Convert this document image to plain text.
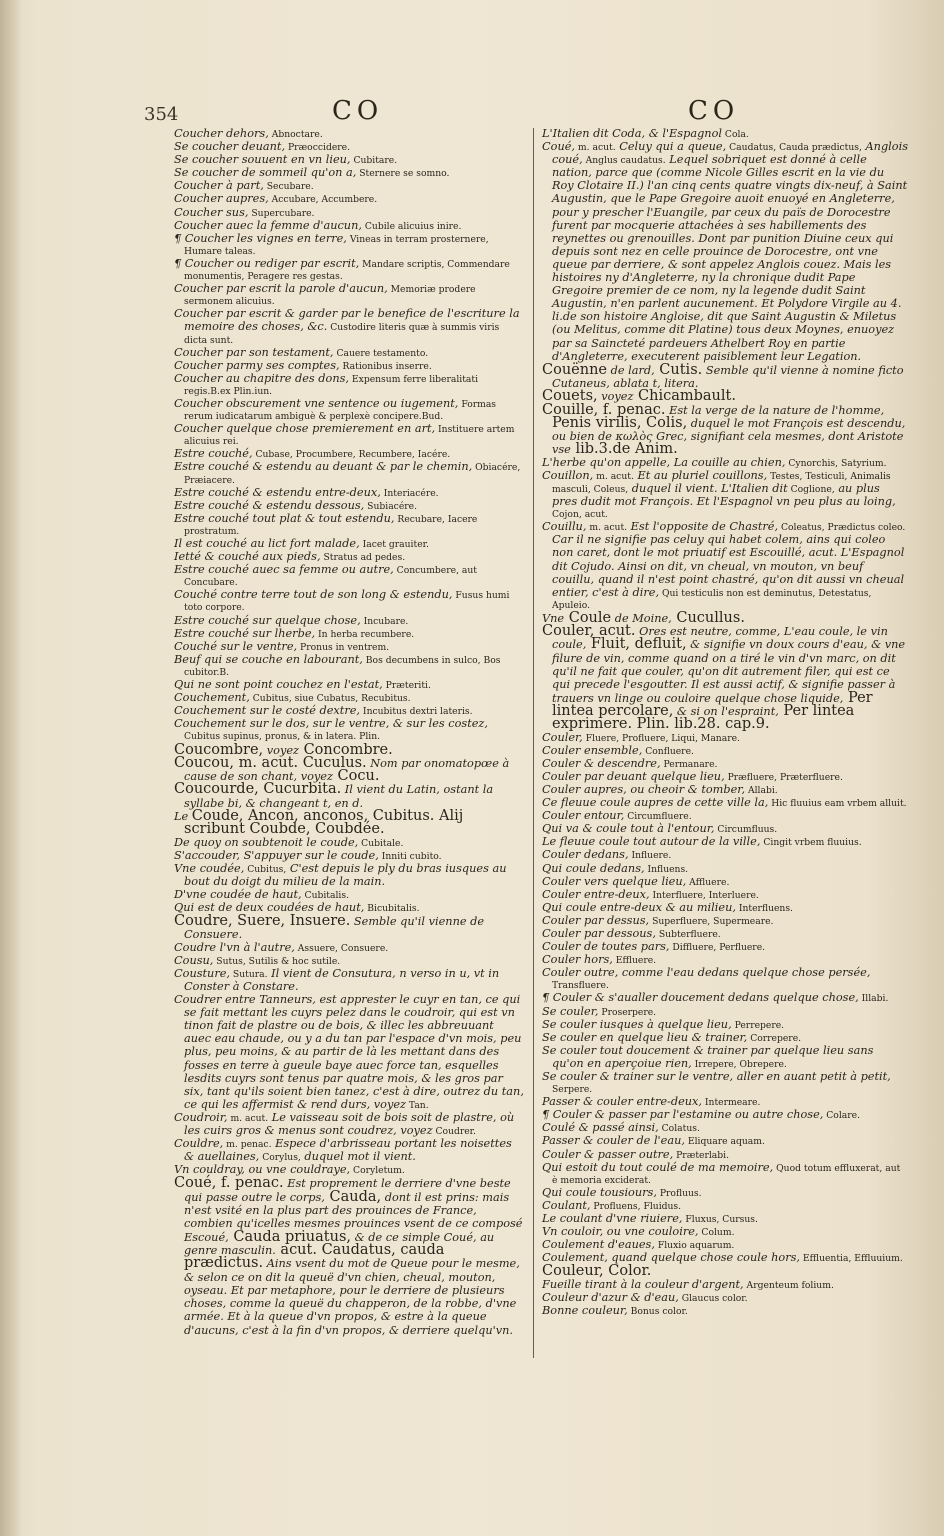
354	CO	CO

Coucher dehors, Abnoctare.

Se coucher deuant, Præoccidere.

Se coucher souuent en vn lieu, Cubitare.

Se coucher de sommeil qu'on a, Sternere se somno.

Coucher à part, Secubare.

Coucher aupres, Accubare, Accumbere.

Coucher sus, Supercubare.

Coucher auec la femme d'aucun, Cubile alicuius inire.

¶ Coucher les vignes en terre, Vineas in terram prosternere, Humare taleas.

¶ Coucher ou rediger par escrit, Mandare scriptis, Commendare monumentis, Peragere res gestas.

Coucher par escrit la parole d'aucun, Memoriæ prodere sermonem alicuius.

Coucher par escrit & garder par le benefice de l'escriture la memoire des choses, &c. Custodire literis quæ à summis viris dicta sunt.

Coucher par son testament, Cauere testamento.

Coucher parmy ses comptes, Rationibus inserre.

Coucher au chapitre des dons, Expensum ferre liberalitati regis.B.ex Plin.iun.

Coucher obscurement vne sentence ou iugement, Formas rerum iudicatarum ambiguè & perplexè concipere.Bud.

Coucher quelque chose premierement en art, Instituere artem alicuius rei.

Estre couché, Cubase, Procumbere, Recumbere, Iacére.

Estre couché & estendu au deuant & par le chemin, Obiacére, Præiacere.

Estre couché & estendu entre-deux, Interiacére.

Estre couché & estendu dessous, Subiacére.

Estre couché tout plat & tout estendu, Recubare, Iacere prostratum.

Il est couché au lict fort malade, Iacet grauiter.

Ietté & couché aux pieds, Stratus ad pedes.

Estre couché auec sa femme ou autre, Concumbere, aut Concubare.

Couché contre terre tout de son long & estendu, Fusus humi toto corpore.

Estre couché sur quelque chose, Incubare.

Estre couché sur lherbe, In herba recumbere.

Couché sur le ventre, Pronus in ventrem.

Beuf qui se couche en labourant, Bos decumbens in sulco, Bos cubitor.B.

Qui ne sont point couchez en l'estat, Præteriti.

Couchement, Cubitus, siue Cubatus, Recubitus.

Couchement sur le costé dextre, Incubitus dextri lateris.

Couchement sur le dos, sur le ventre, & sur les costez, Cubitus supinus, pronus, & in latera. Plin.

Coucombre, voyez Concombre.

Coucou, m. acut. Cuculus. Nom par onomatopœe à cause de son chant, voyez Cocu.

Coucourde, Cucurbita. Il vient du Latin, ostant la syllabe bi, & changeant t, en d.

Le Coude, Ancon, anconos, Cubitus. Alij scribunt Coubde, Coubdée.

De quoy on soubtenoit le coude, Cubitale.

S'accouder, S'appuyer sur le coude, Inniti cubito.

Vne coudée, Cubitus, C'est depuis le ply du bras iusques au bout du doigt du milieu de la main.

D'vne coudée de haut, Cubitalis.

Qui est de deux coudées de haut, Bicubitalis.

Coudre, Suere, Insuere. Semble qu'il vienne de Consuere.

Coudre l'vn à l'autre, Assuere, Consuere.

Cousu, Sutus, Sutilis & hoc sutile.

Cousture, Sutura. Il vient de Consutura, n verso in u, vt in Conster à Constare.

Coudrer entre Tanneurs, est apprester le cuyr en tan, ce qui se fait mettant les cuyrs pelez dans le coudroir, qui est vn tinon fait de plastre ou de bois, & illec les abbreuuant auec eau chaude, ou y a du tan par l'espace d'vn mois, peu plus, peu moins, & au partir de là les mettant dans des fosses en terre à gueule baye auec force tan, esquelles lesdits cuyrs sont tenus par quatre mois, & les gros par six, tant qu'ils soient bien tanez, c'est à dire, outrez du tan, ce qui les affermist & rend durs, voyez Tan.

Coudroir, m. acut. Le vaisseau soit de bois soit de plastre, où les cuirs gros & menus sont coudrez, voyez Coudrer.

Couldre, m. penac. Espece d'arbrisseau portant les noisettes & auellaines, Corylus, duquel mot il vient.

Vn couldray, ou vne couldraye, Coryletum.

Coué, f. penac. Est proprement le derriere d'vne beste qui passe outre le corps, Cauda, dont il est prins: mais n'est vsité en la plus part des prouinces de France, combien qu'icelles mesmes prouinces vsent de ce composé Escoué, Cauda priuatus, & de ce simple Coué, au genre masculin. acut. Caudatus, cauda prædictus. Ains vsent du mot de Queue pour le mesme, & selon ce on dit la queuë d'vn chien, cheual, mouton, oyseau. Et par metaphore, pour le derriere de plusieurs choses, comme la queuë du chapperon, de la robbe, d'vne armée. Et à la queue d'vn propos, & estre à la queue d'aucuns, c'est à la fin d'vn propos, & derriere quelqu'vn.

L'Italien dit Coda, & l'Espagnol Cola.

Coué, m. acut. Celuy qui a queue, Caudatus, Cauda prædictus, Anglois coué, Anglus caudatus. Lequel sobriquet est donné à celle nation, parce que (comme Nicole Gilles escrit en la vie du Roy Clotaire II.) l'an cinq cents quatre vingts dix-neuf, à Saint Augustin, que le Pape Gregoire auoit enuoyé en Angleterre, pour y prescher l'Euangile, par ceux du païs de Dorocestre furent par mocquerie attachées à ses habillements des reynettes ou grenouilles. Dont par punition Diuine ceux qui depuis sont nez en celle prouince de Dorocestre, ont vne queue par derriere, & sont appelez Anglois couez. Mais les histoires ny d'Angleterre, ny la chronique dudit Pape Gregoire premier de ce nom, ny la legende dudit Saint Augustin, n'en parlent aucunement. Et Polydore Virgile au 4. li.de son histoire Angloise, dit que Saint Augustin & Miletus (ou Melitus, comme dit Platine) tous deux Moynes, enuoyez par sa Saincteté pardeuers Athelbert Roy en partie d'Angleterre, executerent paisiblement leur Legation.

Couënne de lard, Cutis. Semble qu'il vienne à nomine ficto Cutaneus, ablata t, litera.

Couets, voyez Chicambault.

Couille, f. penac. Est la verge de la nature de l'homme, Penis virilis, Colis, duquel le mot François est descendu, ou bien de κωλὸς Grec, signifiant cela mesmes, dont Aristote vse lib.3.de Anim.

L'herbe qu'on appelle, La couille au chien, Cynorchis, Satyrium.

Couillon, m. acut. Et au pluriel couillons, Testes, Testiculi, Animalis masculi, Coleus, duquel il vient. L'Italien dit Coglione, au plus pres dudit mot François. Et l'Espagnol vn peu plus au loing, Cojon, acut.

Couillu, m. acut. Est l'opposite de Chastré, Coleatus, Prædictus coleo. Car il ne signifie pas celuy qui habet colem, ains qui coleo non caret, dont le mot priuatif est Escouillé, acut. L'Espagnol dit Cojudo. Ainsi on dit, vn cheual, vn mouton, vn beuf couillu, quand il n'est point chastré, qu'on dit aussi vn cheual entier, c'est à dire, Qui testiculis non est deminutus, Detestatus, Apuleio.

Vne Coule de Moine, Cucullus.

Couler, acut. Ores est neutre, comme, L'eau coule, le vin coule, Fluit, defluit, & signifie vn doux cours d'eau, & vne filure de vin, comme quand on a tiré le vin d'vn marc, on dit qu'il ne fait que couler, qu'on dit autrement filer, qui est ce qui precede l'esgoutter. Il est aussi actif, & signifie passer à trauers vn linge ou couloire quelque chose liquide, Per lintea percolare, & si on l'espraint, Per lintea exprimere. Plin. lib.28. cap.9.

Couler, Fluere, Profluere, Liqui, Manare.

Couler ensemble, Confluere.

Couler & descendre, Permanare.

Couler par deuant quelque lieu, Præfluere, Præterfluere.

Couler aupres, ou cheoir & tomber, Allabi.

Ce fleuue coule aupres de cette ville la, Hic fluuius eam vrbem alluit.

Couler entour, Circumfluere.

Qui va & coule tout à l'entour, Circumfluus.

Le fleuue coule tout autour de la ville, Cingit vrbem fluuius.

Couler dedans, Influere.

Qui coule dedans, Influens.

Couler vers quelque lieu, Affluere.

Couler entre-deux, Interfluere, Interluere.

Qui coule entre-deux & au milieu, Interfluens.

Couler par dessus, Superfluere, Supermeare.

Couler par dessous, Subterfluere.

Couler de toutes pars, Diffluere, Perfluere.

Couler hors, Effluere.

Couler outre, comme l'eau dedans quelque chose persée, Transfluere.

¶ Couler & s'aualler doucement dedans quelque chose, Illabi.

Se couler, Proserpere.

Se couler iusques à quelque lieu, Perrepere.

Se couler en quelque lieu & trainer, Correpere.

Se couler tout doucement & trainer par quelque lieu sans qu'on en aperçoiue rien, Irrepere, Obrepere.

Se couler & trainer sur le ventre, aller en auant petit à petit, Serpere.

Passer & couler entre-deux, Intermeare.

¶ Couler & passer par l'estamine ou autre chose, Colare.

Coulé & passé ainsi, Colatus.

Passer & couler de l'eau, Eliquare aquam.

Couler & passer outre, Præterlabi.

Qui estoit du tout coulé de ma memoire, Quod totum effluxerat, aut è memoria exciderat.

Qui coule tousiours, Profluus.

Coulant, Profluens, Fluidus.

Le coulant d'vne riuiere, Fluxus, Cursus.

Vn couloir, ou vne couloire, Colum.

Coulement d'eaues, Fluxio aquarum.

Coulement, quand quelque chose coule hors, Effluentia, Effluuium.

Couleur, Color.

Fueille tirant à la couleur d'argent, Argenteum folium.

Couleur d'azur & d'eau, Glaucus color.

Bonne couleur, Bonus color.
